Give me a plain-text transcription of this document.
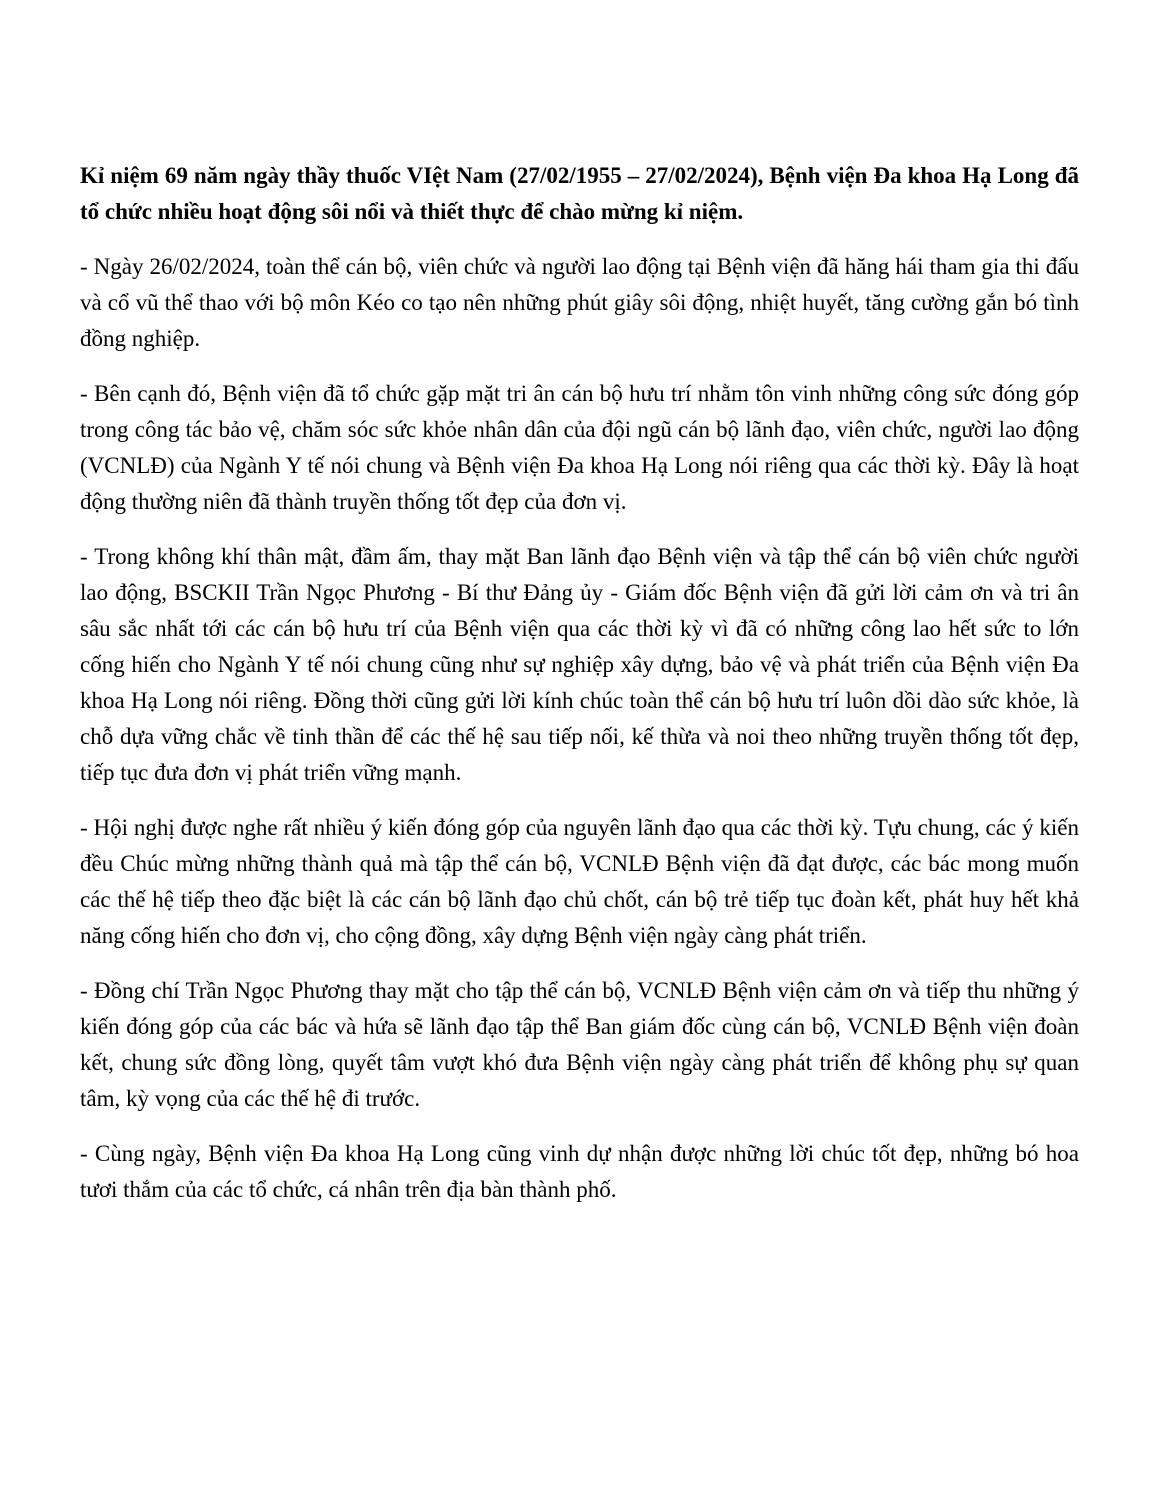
Kỉ niệm 69 năm ngày thầy thuốc VIệt Nam (27/02/1955 – 27/02/2024), Bệnh viện Đa khoa Hạ Long đã tổ chức nhiều hoạt động sôi nổi và thiết thực để chào mừng kỉ niệm.

- Ngày 26/02/2024, toàn thể cán bộ, viên chức và người lao động tại Bệnh viện đã hăng hái tham gia thi đấu và cổ vũ thể thao với bộ môn Kéo co tạo nên những phút giây sôi động, nhiệt huyết, tăng cường gắn bó tình đồng nghiệp.

- Bên cạnh đó, Bệnh viện đã tổ chức gặp mặt tri ân cán bộ hưu trí nhằm tôn vinh những công sức đóng góp trong công tác bảo vệ, chăm sóc sức khỏe nhân dân của đội ngũ cán bộ lãnh đạo, viên chức, người lao động (VCNLĐ) của Ngành Y tế nói chung và Bệnh viện Đa khoa Hạ Long nói riêng qua các thời kỳ. Đây là hoạt động thường niên đã thành truyền thống tốt đẹp của đơn vị.

- Trong không khí thân mật, đầm ấm, thay mặt Ban lãnh đạo Bệnh viện và tập thể cán bộ viên chức người lao động, BSCKII Trần Ngọc Phương - Bí thư Đảng ủy - Giám đốc Bệnh viện đã gửi lời cảm ơn và tri ân sâu sắc nhất tới các cán bộ hưu trí của Bệnh viện qua các thời kỳ vì đã có những công lao hết sức to lớn cống hiến cho Ngành Y tế nói chung cũng như sự nghiệp xây dựng, bảo vệ và phát triển của Bệnh viện Đa khoa Hạ Long nói riêng. Đồng thời cũng gửi lời kính chúc toàn thể cán bộ hưu trí luôn dồi dào sức khỏe, là chỗ dựa vững chắc về tinh thần để các thế hệ sau tiếp nối, kế thừa và noi theo những truyền thống tốt đẹp, tiếp tục đưa đơn vị phát triển vững mạnh.

- Hội nghị được nghe rất nhiều ý kiến đóng góp của nguyên lãnh đạo qua các thời kỳ. Tựu chung, các ý kiến đều Chúc mừng những thành quả mà tập thể cán bộ, VCNLĐ Bệnh viện đã đạt được, các bác mong muốn các thế hệ tiếp theo đặc biệt là các cán bộ lãnh đạo chủ chốt, cán bộ trẻ tiếp tục đoàn kết, phát huy hết khả năng cống hiến cho đơn vị, cho cộng đồng, xây dựng Bệnh viện ngày càng phát triển.

- Đồng chí Trần Ngọc Phương thay mặt cho tập thể cán bộ, VCNLĐ Bệnh viện cảm ơn và tiếp thu những ý kiến đóng góp của các bác và hứa sẽ lãnh đạo tập thể Ban giám đốc cùng cán bộ, VCNLĐ Bệnh viện đoàn kết, chung sức đồng lòng, quyết tâm vượt khó đưa Bệnh viện ngày càng phát triển để không phụ sự quan tâm, kỳ vọng của các thế hệ đi trước.

- Cùng ngày, Bệnh viện Đa khoa Hạ Long cũng vinh dự nhận được những lời chúc tốt đẹp, những bó hoa tươi thắm của các tổ chức, cá nhân trên địa bàn thành phố.
